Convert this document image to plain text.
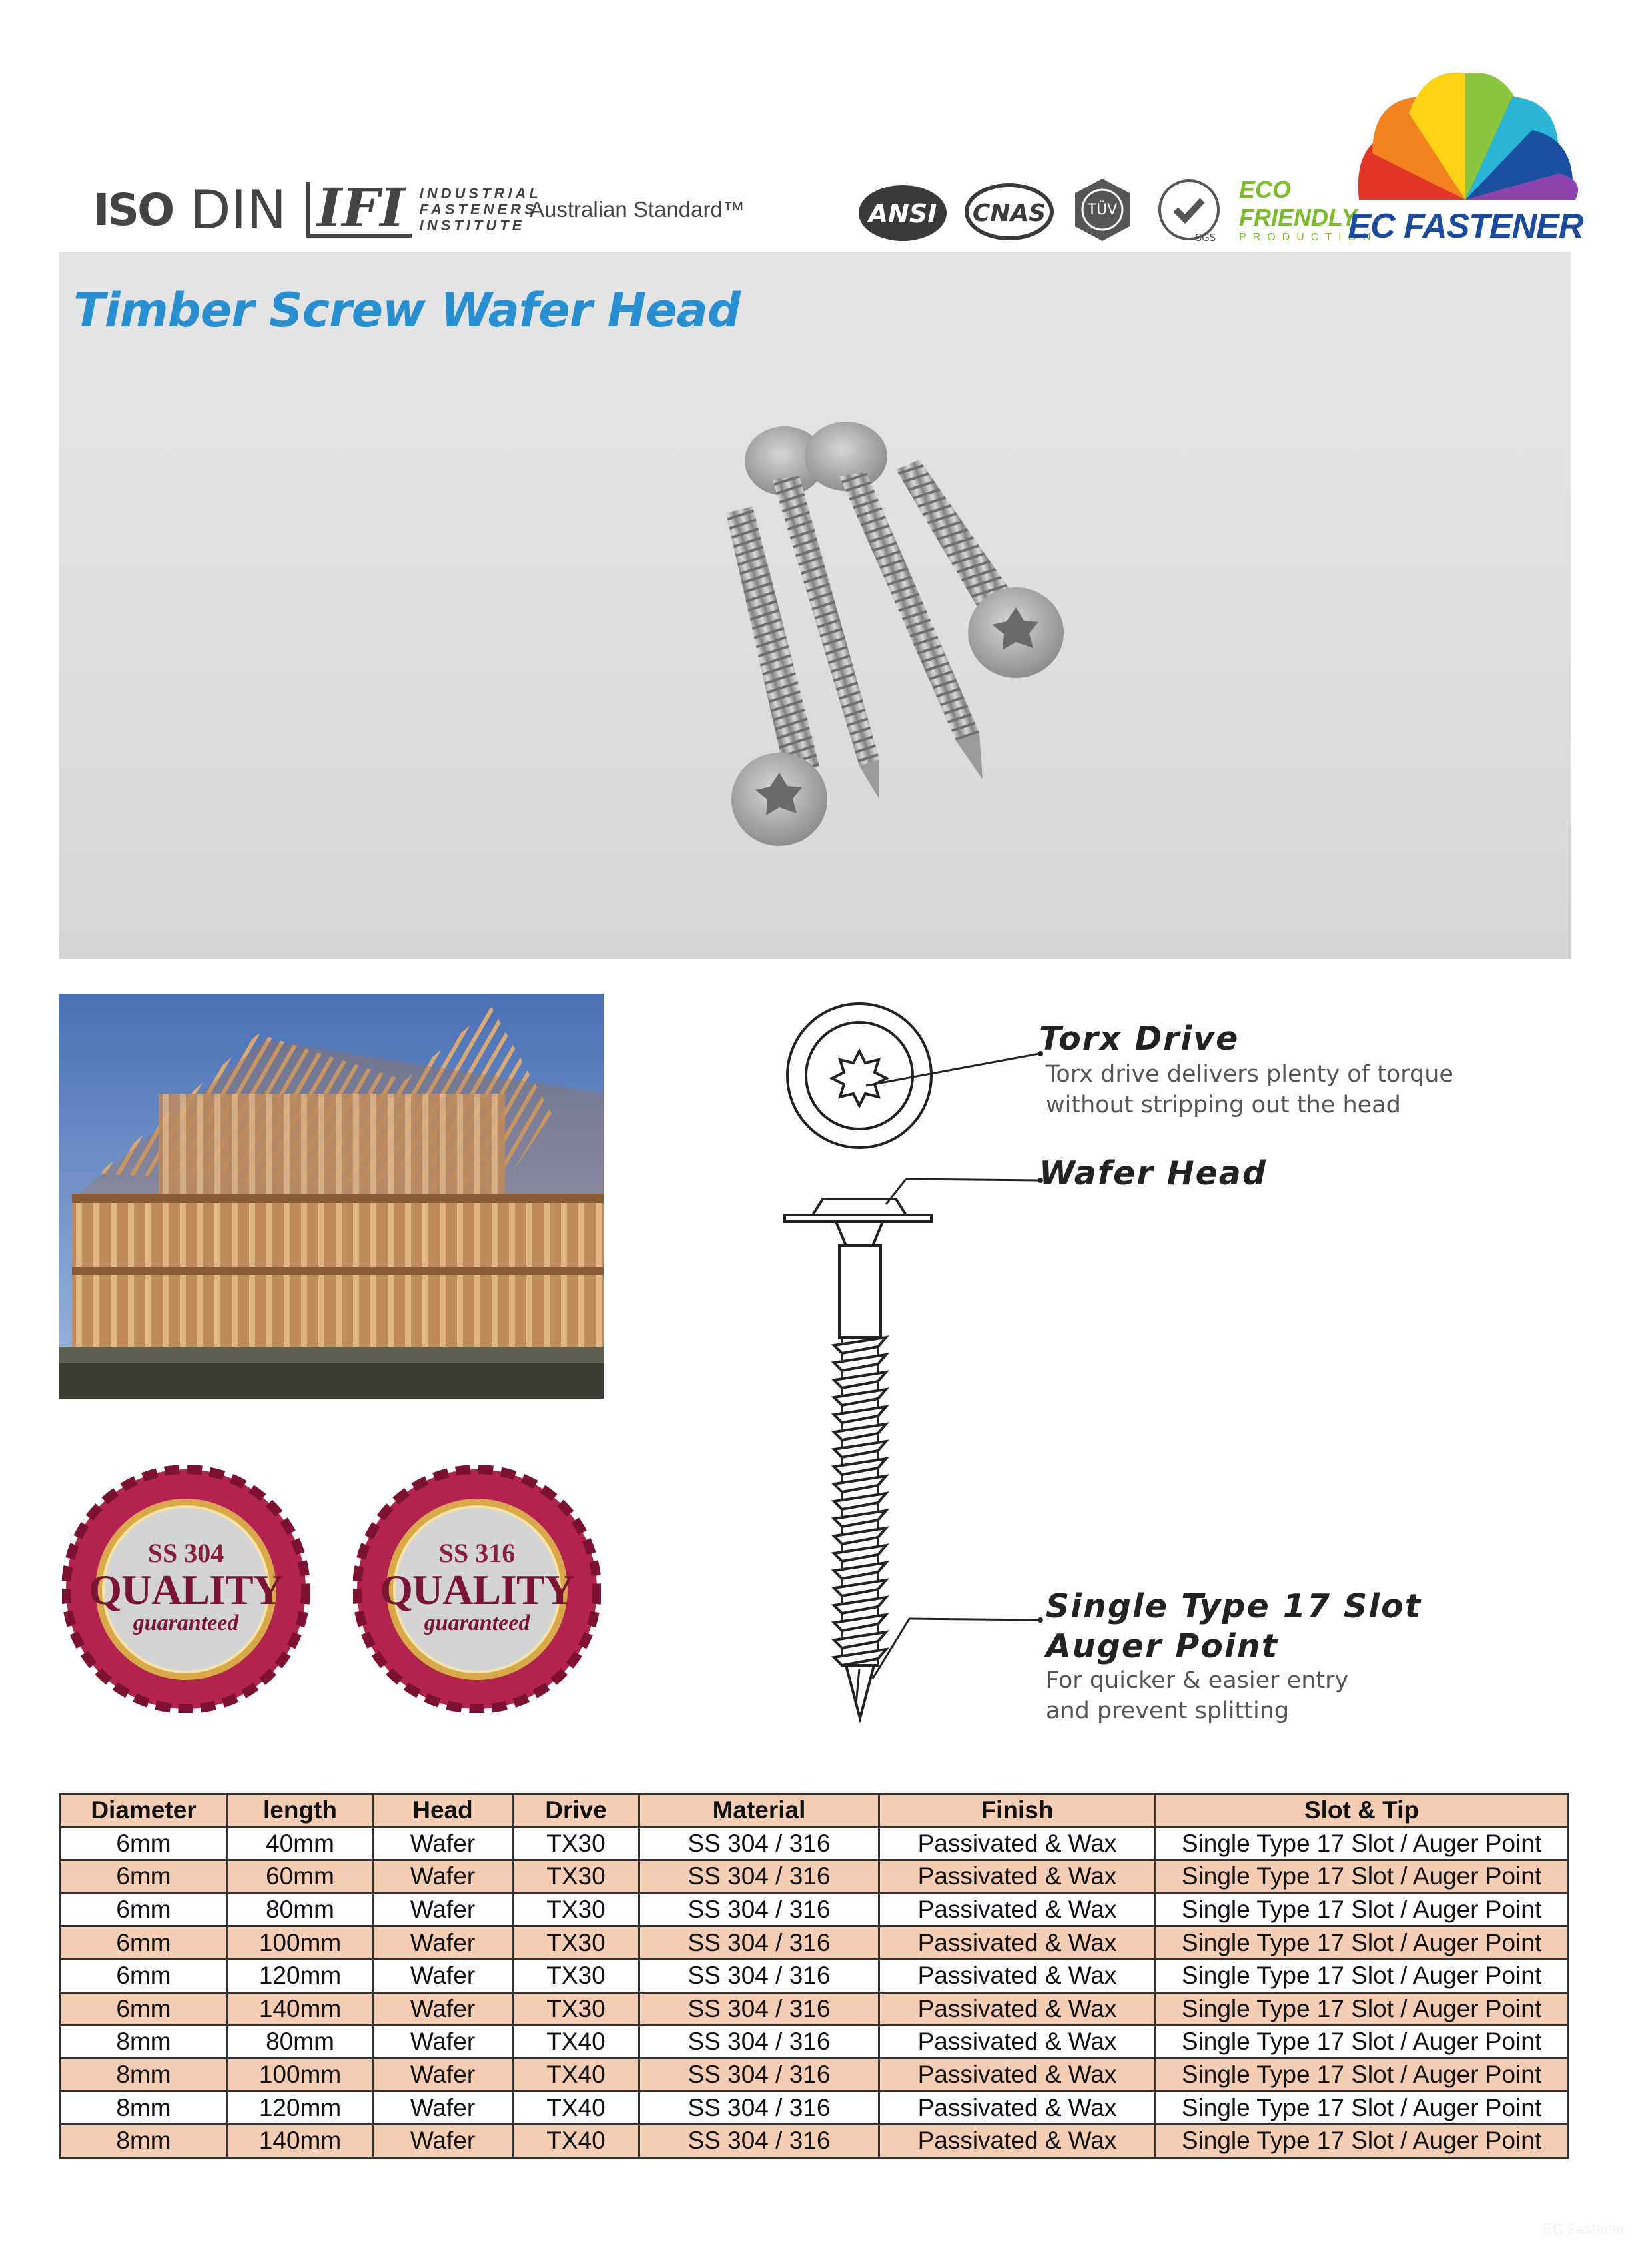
ISO DIN IFI	INDUSTRIAL
FASTENERS
INSTITUTE
Australian Standard™	ANSI CNAS	TÜV
SGS
ECO FRIENDLY
PRODUCTION
EC FASTENER
Timber Screw Wafer Head
SS 304
QUALITY
guaranteed
SS 316
QUALITY
guaranteed
Torx Drive
Torx drive delivers plenty of torque
without stripping out the head
Wafer Head
Single Type 17 Slot
Auger Point
For quicker & easier entry
and prevent splitting
Diameter	length	Head	Drive	Material	Finish	Slot & Tip
6mm	40mm	Wafer	TX30	SS 304 / 316	Passivated & Wax	Single Type 17 Slot / Auger Point
6mm	60mm	Wafer	TX30	SS 304 / 316	Passivated & Wax	Single Type 17 Slot / Auger Point
6mm	80mm	Wafer	TX30	SS 304 / 316	Passivated & Wax	Single Type 17 Slot / Auger Point
6mm	100mm	Wafer	TX30	SS 304 / 316	Passivated & Wax	Single Type 17 Slot / Auger Point
6mm	120mm	Wafer	TX30	SS 304 / 316	Passivated & Wax	Single Type 17 Slot / Auger Point
6mm	140mm	Wafer	TX30	SS 304 / 316	Passivated & Wax	Single Type 17 Slot / Auger Point
8mm	80mm	Wafer	TX40	SS 304 / 316	Passivated & Wax	Single Type 17 Slot / Auger Point
8mm	100mm	Wafer	TX40	SS 304 / 316	Passivated & Wax	Single Type 17 Slot / Auger Point
8mm	120mm	Wafer	TX40	SS 304 / 316	Passivated & Wax	Single Type 17 Slot / Auger Point
8mm	140mm	Wafer	TX40	SS 304 / 316	Passivated & Wax	Single Type 17 Slot / Auger Point
EC Fastener
